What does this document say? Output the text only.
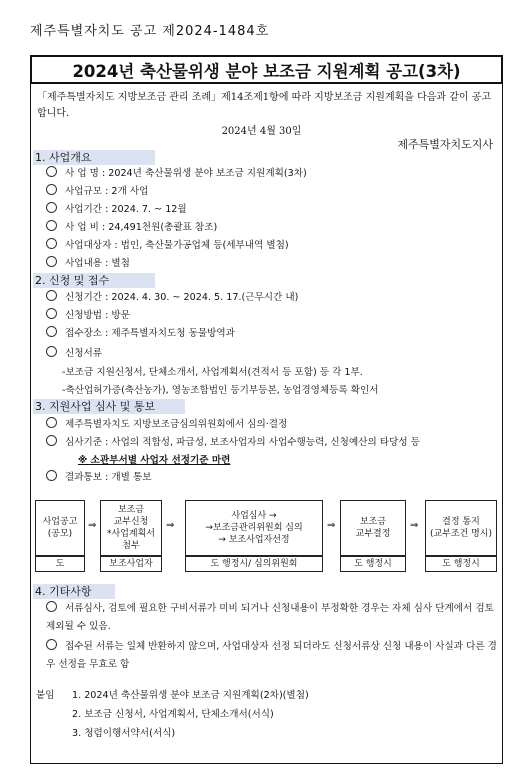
제주특별자치도 공고 제2024-1484호
2024년 축산물위생 분야 보조금 지원계획 공고(3차)
「제주특별자치도 지방보조금 관리 조례」제14조제1항에 따라 지방보조금 지원계획을 다음과 같이 공고합니다.
2024년 4월 30일
제주특별자치도지사
1. 사업개요
사 업 명 : 2024년 축산물위생 분야 보조금 지원계획(3차)
사업규모 : 2개 사업
사업기간 : 2024. 7. ~ 12월
사 업 비 : 24,491천원(총괄표 참조)
사업대상자 : 법인, 축산물가공업체 등(세부내역 별첨)
사업내용 : 별첨
2. 신청 및 접수
신청기간 : 2024. 4. 30. ~ 2024. 5. 17.(근무시간 내)
신청방법 : 방문
접수장소 : 제주특별자치도청 동물방역과
신청서류
-보조금 지원신청서, 단체소개서, 사업계획서(견적서 등 포함) 등 각 1부.
-축산업허가증(축산농가), 영농조합법인 등기부등본, 농업경영체등록 확인서
3. 지원사업 심사 및 통보
제주특별자치도 지방보조금심의위원회에서 심의·결정
심사기준 : 사업의 적합성, 파급성, 보조사업자의 사업수행능력, 신청예산의 타당성 등
※ 소관부서별 사업자 선정기준 마련
결과통보 : 개별 통보
사업공고
(공모)
도
⇒
보조금
교부신청
*사업계획서
첨부
보조사업자
⇒
사업심사 →
→보조금관리위원회 심의
→ 보조사업자선정
도 행정시/ 심의위원회
⇒	보조금
교부결정
도 행정시
⇒	결정 통지
(교부조건 명시)
도 행정시
4. 기타사항
서류심사, 검토에 필요한 구비서류가 미비 되거나 신청내용이 부정확한 경우는 자체 심사 단계에서 검토 제외될 수 있음.
접수된 서류는 일체 반환하지 않으며, 사업대상자 선정 되더라도 신청서류상 신청 내용이 사실과 다른 경우 선정을 무효로 함
붙임 1. 2024년 축산물위생 분야 보조금 지원계획(2차)(별첨)
2. 보조금 신청서, 사업계획서, 단체소개서(서식)
3. 청렴이행서약서(서식)
